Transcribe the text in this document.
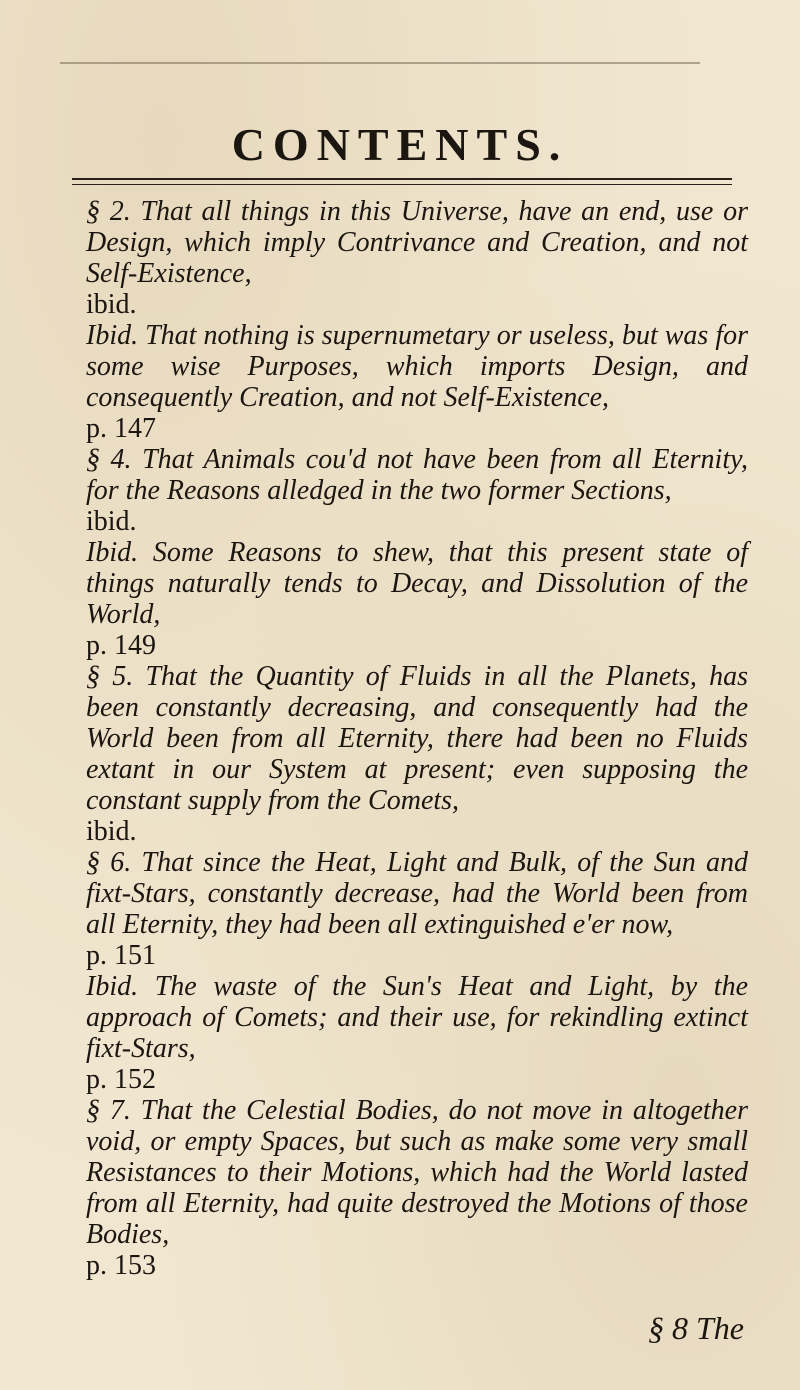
CONTENTS.

§ 2. That all things in this Universe, have an end, use or Design, which imply Contrivance and Creation, and not Self-Existence,

ibid.

Ibid. That nothing is supernumetary or useless, but was for some wise Purposes, which imports Design, and consequently Creation, and not Self-Existence,

p. 147

§ 4. That Animals cou'd not have been from all Eternity, for the Reasons alledged in the two former Sections,

ibid.

Ibid. Some Reasons to shew, that this present state of things naturally tends to Decay, and Dissolution of the World,

p. 149

§ 5. That the Quantity of Fluids in all the Planets, has been constantly decreasing, and consequently had the World been from all Eternity, there had been no Fluids extant in our System at present; even supposing the constant supply from the Comets,

ibid.

§ 6. That since the Heat, Light and Bulk, of the Sun and fixt-Stars, constantly decrease, had the World been from all Eternity, they had been all extinguished e'er now,

p. 151

Ibid. The waste of the Sun's Heat and Light, by the approach of Comets; and their use, for rekindling extinct fixt-Stars,

p. 152

§ 7. That the Celestial Bodies, do not move in altogether void, or empty Spaces, but such as make some very small Resistances to their Motions, which had the World lasted from all Eternity, had quite destroyed the Motions of those Bodies,

p. 153

§ 8 The
